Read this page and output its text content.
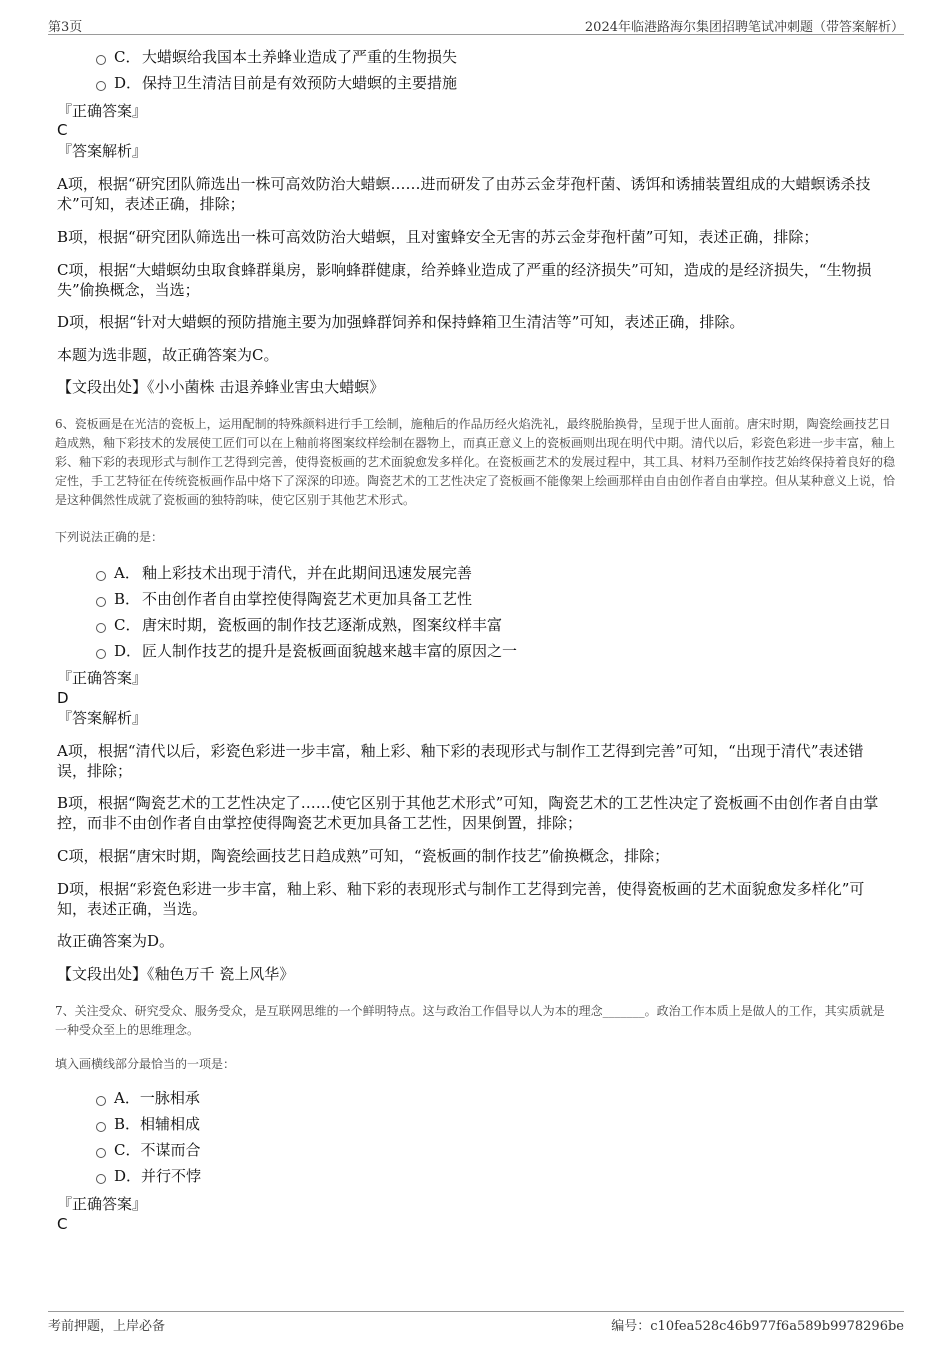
第3页	2024年临港路海尔集团招聘笔试冲刺题（带答案解析）
C． 大蜡螟给我国本土养蜂业造成了严重的生物损失
D．保持卫生清洁目前是有效预防大蜡螟的主要措施
『正确答案』
C
『答案解析』
A项，根据“研究团队筛选出一株可高效防治大蜡螟……进而研发了由苏云金芽孢杆菌、诱饵和诱捕装置组成的大蜡螟诱杀技术”可知，表述正确，排除；
B项，根据“研究团队筛选出一株可高效防治大蜡螟，且对蜜蜂安全无害的苏云金芽孢杆菌”可知，表述正确，排除；
C项，根据“大蜡螟幼虫取食蜂群巢房，影响蜂群健康，给养蜂业造成了严重的经济损失”可知，造成的是经济损失，“生物损失”偷换概念，当选；
D项，根据“针对大蜡螟的预防措施主要为加强蜂群饲养和保持蜂箱卫生清洁等”可知，表述正确，排除。
本题为选非题，故正确答案为C。
【文段出处】《小小菌株 击退养蜂业害虫大蜡螟》
6、瓷板画是在光洁的瓷板上，运用配制的特殊颜料进行手工绘制，施釉后的作品历经火焰洗礼，最终脱胎换骨，呈现于世人面前。唐宋时期，陶瓷绘画技艺日趋成熟，釉下彩技术的发展使工匠们可以在上釉前将图案纹样绘制在器物上，而真正意义上的瓷板画则出现在明代中期。清代以后，彩瓷色彩进一步丰富，釉上彩、釉下彩的表现形式与制作工艺得到完善，使得瓷板画的艺术面貌愈发多样化。在瓷板画艺术的发展过程中，其工具、材料乃至制作技艺始终保持着良好的稳定性，手工艺特征在传统瓷板画作品中烙下了深深的印迹。陶瓷艺术的工艺性决定了瓷板画不能像架上绘画那样由自由创作者自由掌控。但从某种意义上说，恰是这种偶然性成就了瓷板画的独特韵味，使它区别于其他艺术形式。
下列说法正确的是：
A． 釉上彩技术出现于清代，并在此期间迅速发展完善
B． 不由创作者自由掌控使得陶瓷艺术更加具备工艺性
C． 唐宋时期，瓷板画的制作技艺逐渐成熟，图案纹样丰富
D．匠人制作技艺的提升是瓷板画面貌越来越丰富的原因之一
『正确答案』
D
『答案解析』
A项，根据“清代以后，彩瓷色彩进一步丰富，釉上彩、釉下彩的表现形式与制作工艺得到完善”可知，“出现于清代”表述错误，排除；
B项，根据“陶瓷艺术的工艺性决定了……使它区别于其他艺术形式”可知，陶瓷艺术的工艺性决定了瓷板画不由创作者自由掌控，而非不由创作者自由掌控使得陶瓷艺术更加具备工艺性，因果倒置，排除；
C项，根据“唐宋时期，陶瓷绘画技艺日趋成熟”可知，“瓷板画的制作技艺”偷换概念，排除；
D项，根据“彩瓷色彩进一步丰富，釉上彩、釉下彩的表现形式与制作工艺得到完善，使得瓷板画的艺术面貌愈发多样化”可知，表述正确，当选。
故正确答案为D。
【文段出处】《釉色万千 瓷上风华》
7、关注受众、研究受众、服务受众，是互联网思维的一个鲜明特点。这与政治工作倡导以人为本的理念_______。政治工作本质上是做人的工作，其实质就是一种受众至上的思维理念。
填入画横线部分最恰当的一项是：
A．一脉相承
B．相辅相成
C．不谋而合
D．并行不悖
『正确答案』
C
考前押题，上岸必备	编号：c10fea528c46b977f6a589b9978296be
